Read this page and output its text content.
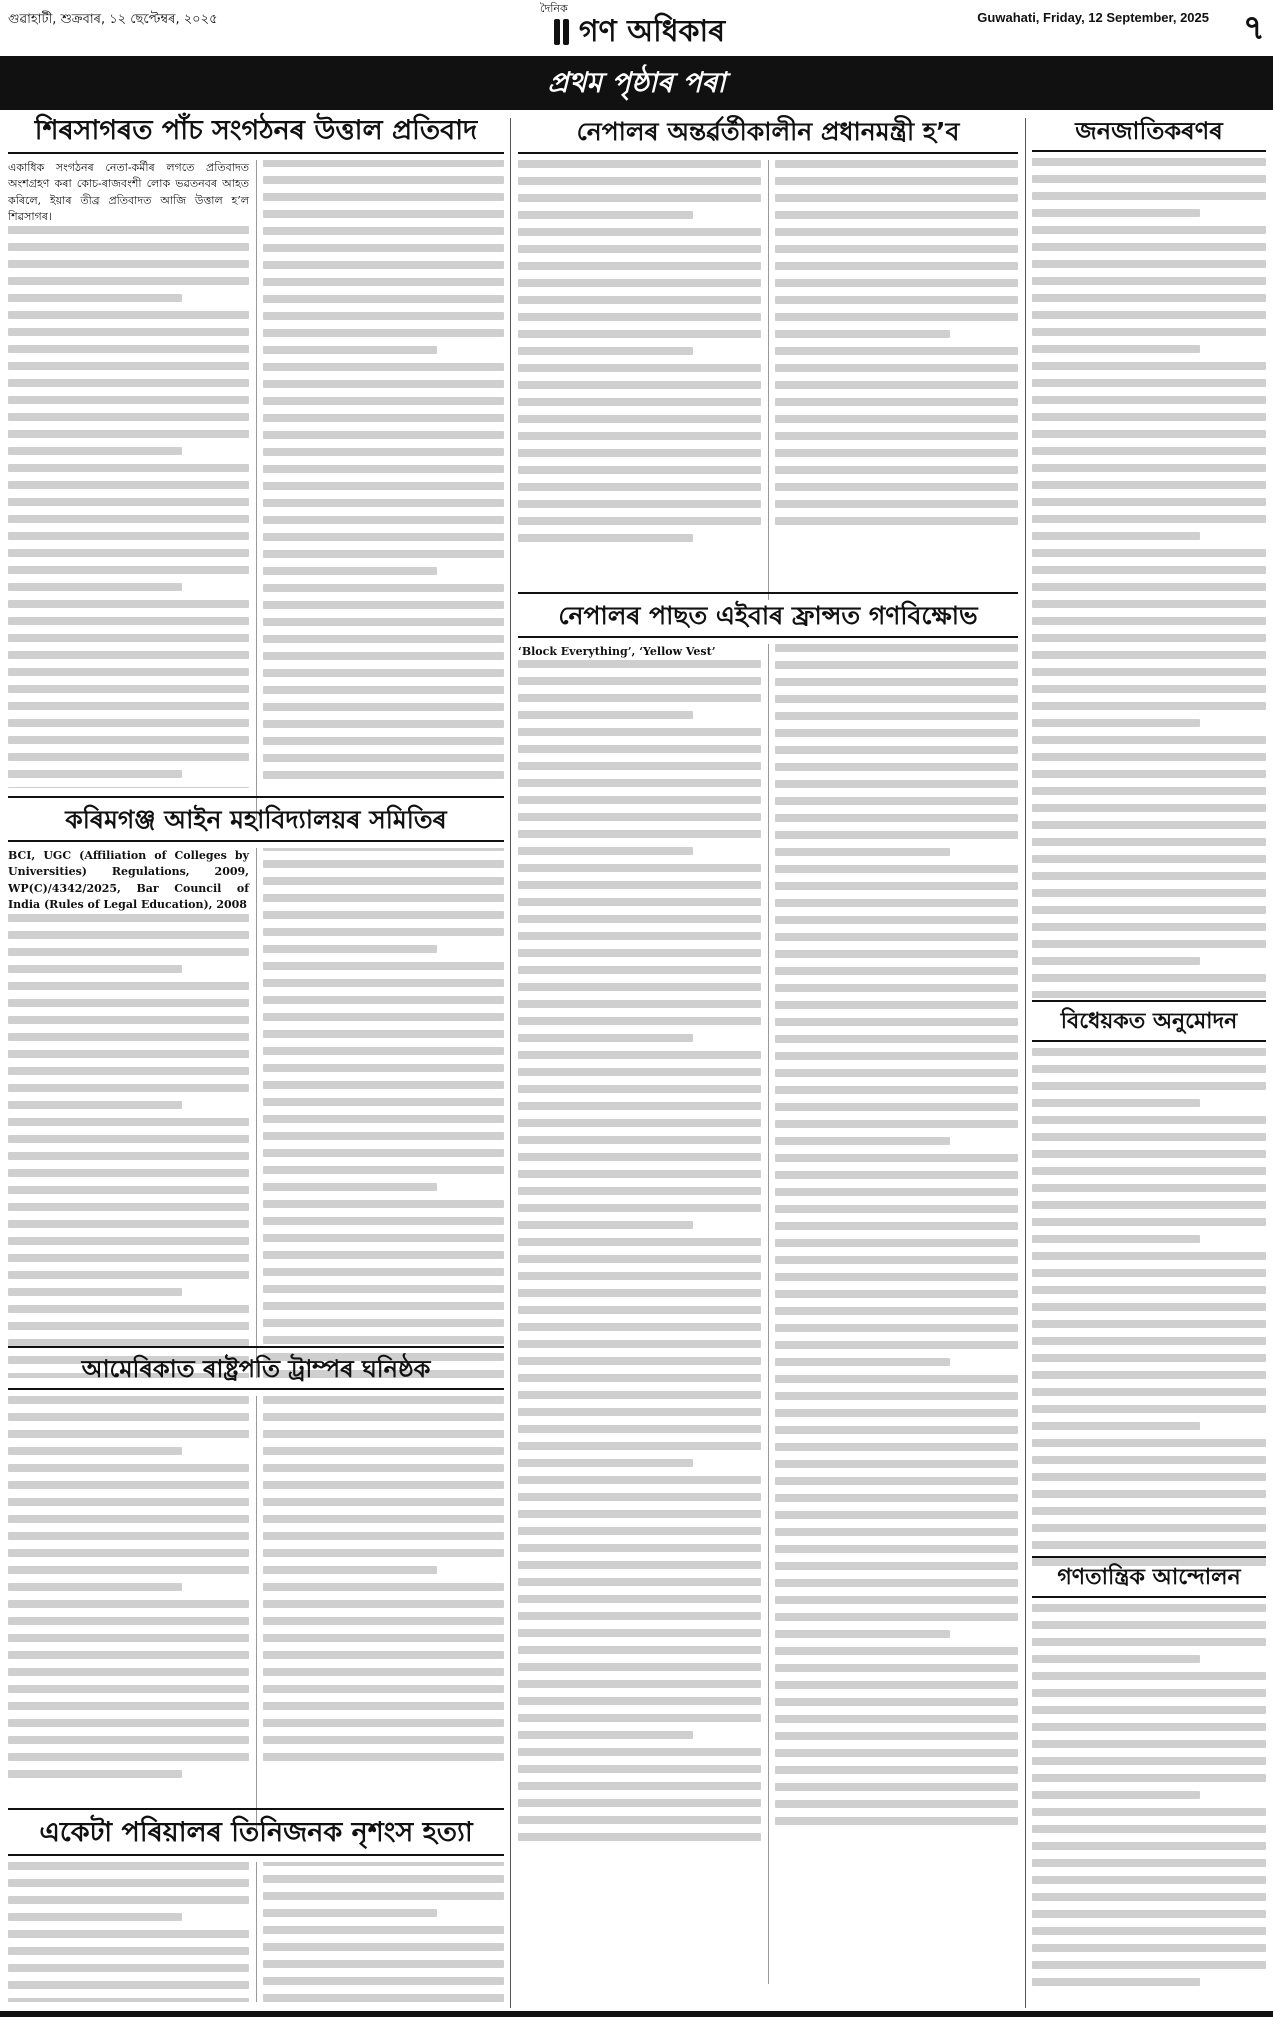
গুৱাহাটী, শুক্ৰবাৰ, ১২ ছেপ্টেম্বৰ, ২০২৫
দৈনিক
গণ অধিকাৰ	Guwahati, Friday, 12 September, 2025 ৭
প্ৰথম পৃষ্ঠাৰ পৰা
শিৰসাগৰত পাঁচ সংগঠনৰ উত্তাল প্ৰতিবাদ
একাধিক সংগঠনৰ নেতা-কৰ্মীৰ লগতে প্ৰতিবাদত অংশগ্ৰহণ কৰা কোচ-ৰাজবংশী লোক ভৱতনবৰ আহত কৰিলে, ইয়াৰ তীব্ৰ প্ৰতিবাদত আজি উত্তাল হ’ল শিৱসাগৰ।
নেপালৰ অন্তৰ্ৱৰ্তীকালীন প্ৰধানমন্ত্ৰী হ’ব	জনজাতিকৰণৰ
নেপালৰ পাছত এইবাৰ ফ্ৰান্সত গণবিক্ষোভ
‘Block Everything’, ‘Yellow Vest’
কৰিমগঞ্জ আইন মহাবিদ্যালয়ৰ সমিতিৰ
BCI, UGC (Affiliation of Colleges by Universities) Regulations, 2009, WP(C)/4342/2025, Bar Council of India (Rules of Legal Education), 2008
বিধেয়কত অনুমোদন
আমেৰিকাত ৰাষ্ট্ৰপতি ট্ৰাম্পৰ ঘনিষ্ঠক
গণতান্ত্ৰিক আন্দোলন
একেটা পৰিয়ালৰ তিনিজনক নৃশংস হত্যা
